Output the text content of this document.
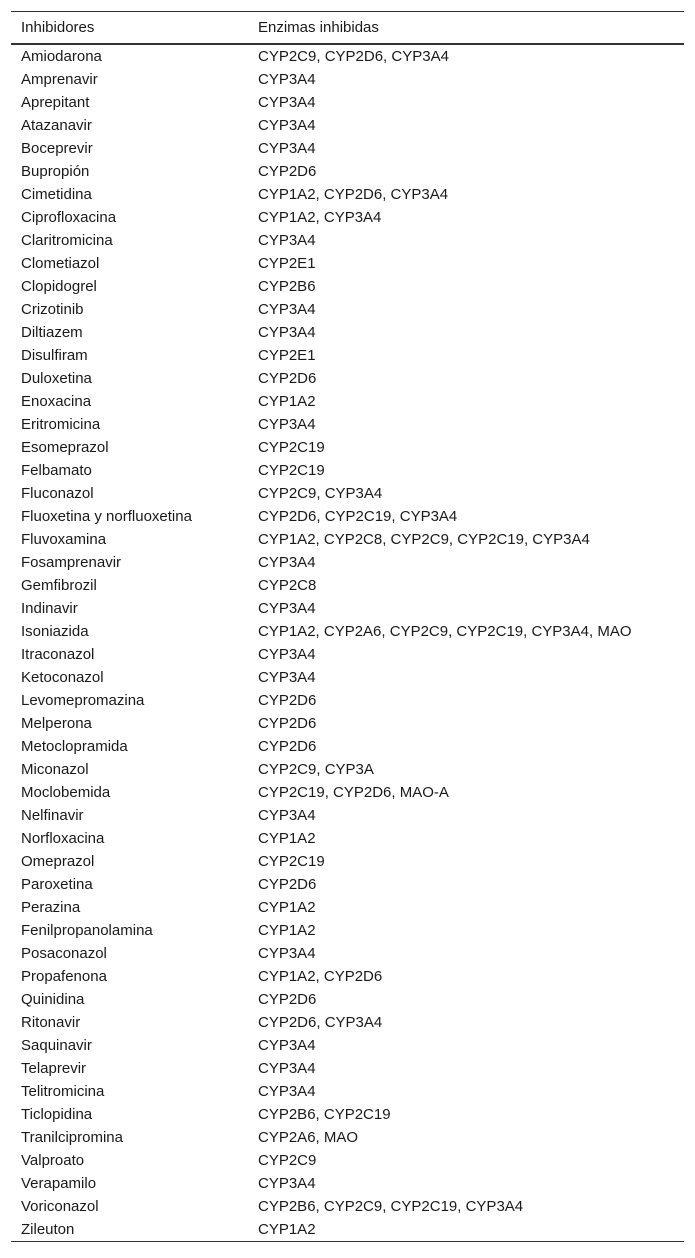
Inhibidores	Enzimas inhibidas
Amiodarona	CYP2C9, CYP2D6, CYP3A4
Amprenavir	CYP3A4
Aprepitant	CYP3A4
Atazanavir	CYP3A4
Boceprevir	CYP3A4
Bupropión	CYP2D6
Cimetidina	CYP1A2, CYP2D6, CYP3A4
Ciprofloxacina	CYP1A2, CYP3A4
Claritromicina	CYP3A4
Clometiazol	CYP2E1
Clopidogrel	CYP2B6
Crizotinib	CYP3A4
Diltiazem	CYP3A4
Disulfiram	CYP2E1
Duloxetina	CYP2D6
Enoxacina	CYP1A2
Eritromicina	CYP3A4
Esomeprazol	CYP2C19
Felbamato	CYP2C19
Fluconazol	CYP2C9, CYP3A4
Fluoxetina y norfluoxetina	CYP2D6, CYP2C19, CYP3A4
Fluvoxamina	CYP1A2, CYP2C8, CYP2C9, CYP2C19, CYP3A4
Fosamprenavir	CYP3A4
Gemfibrozil	CYP2C8
Indinavir	CYP3A4
Isoniazida	CYP1A2, CYP2A6, CYP2C9, CYP2C19, CYP3A4, MAO
Itraconazol	CYP3A4
Ketoconazol	CYP3A4
Levomepromazina	CYP2D6
Melperona	CYP2D6
Metoclopramida	CYP2D6
Miconazol	CYP2C9, CYP3A
Moclobemida	CYP2C19, CYP2D6, MAO-A
Nelfinavir	CYP3A4
Norfloxacina	CYP1A2
Omeprazol	CYP2C19
Paroxetina	CYP2D6
Perazina	CYP1A2
Fenilpropanolamina	CYP1A2
Posaconazol	CYP3A4
Propafenona	CYP1A2, CYP2D6
Quinidina	CYP2D6
Ritonavir	CYP2D6, CYP3A4
Saquinavir	CYP3A4
Telaprevir	CYP3A4
Telitromicina	CYP3A4
Ticlopidina	CYP2B6, CYP2C19
Tranilcipromina	CYP2A6, MAO
Valproato	CYP2C9
Verapamilo	CYP3A4
Voriconazol	CYP2B6, CYP2C9, CYP2C19, CYP3A4
Zileuton	CYP1A2
